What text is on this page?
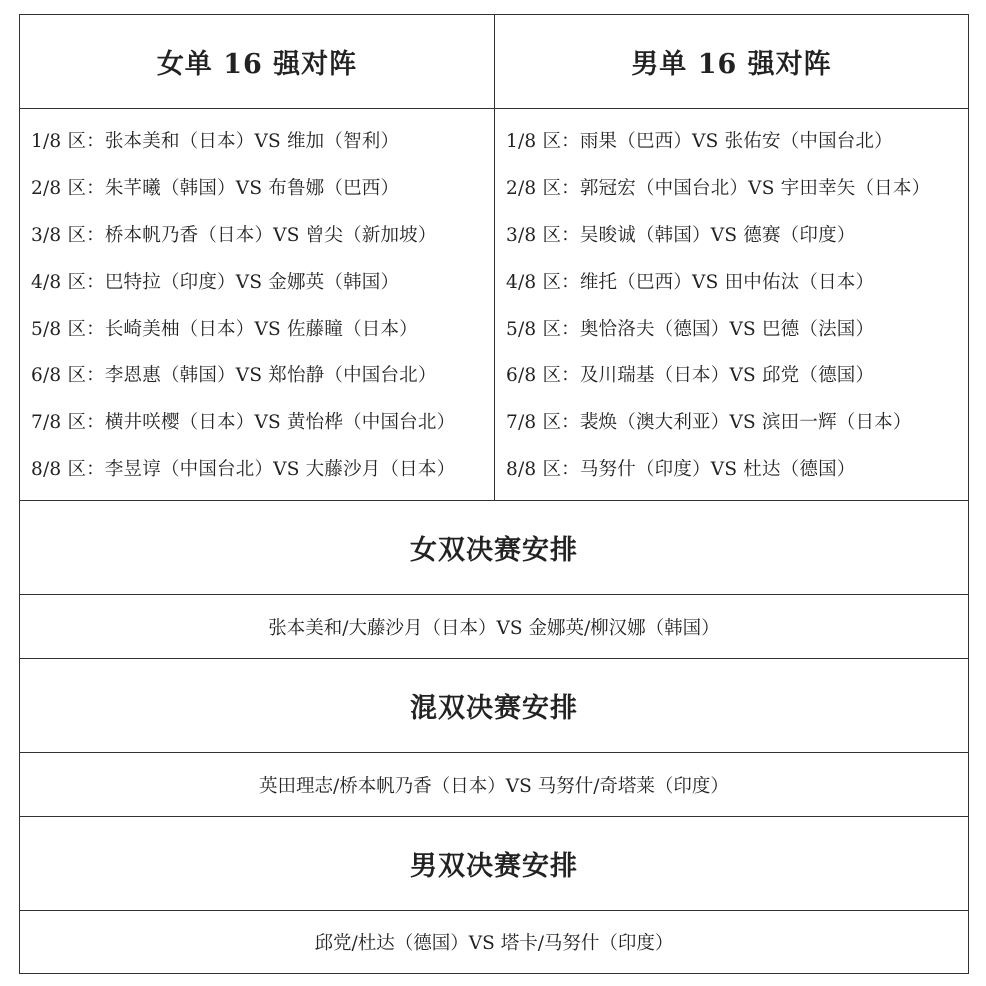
女单 16 强对阵
1/8 区：张本美和（日本）VS 维加（智利）
2/8 区：朱芊曦（韩国）VS 布鲁娜（巴西）
3/8 区：桥本帆乃香（日本）VS 曾尖（新加坡）
4/8 区：巴特拉（印度）VS 金娜英（韩国）
5/8 区：长崎美柚（日本）VS 佐藤瞳（日本）
6/8 区：李恩惠（韩国）VS 郑怡静（中国台北）
7/8 区：横井咲樱（日本）VS 黄怡桦（中国台北）
8/8 区：李昱谆（中国台北）VS 大藤沙月（日本）
男单 16 强对阵
1/8 区：雨果（巴西）VS 张佑安（中国台北）
2/8 区：郭冠宏（中国台北）VS 宇田幸矢（日本）
3/8 区：吴晙诚（韩国）VS 德赛（印度）
4/8 区：维托（巴西）VS 田中佑汰（日本）
5/8 区：奥恰洛夫（德国）VS 巴德（法国）
6/8 区：及川瑞基（日本）VS 邱党（德国）
7/8 区：裴焕（澳大利亚）VS 滨田一辉（日本）
8/8 区：马努什（印度）VS 杜达（德国）
女双决赛安排
张本美和/大藤沙月（日本）VS 金娜英/柳汉娜（韩国）
混双决赛安排
英田理志/桥本帆乃香（日本）VS 马努什/奇塔莱（印度）
男双决赛安排
邱党/杜达（德国）VS 塔卡/马努什（印度）
